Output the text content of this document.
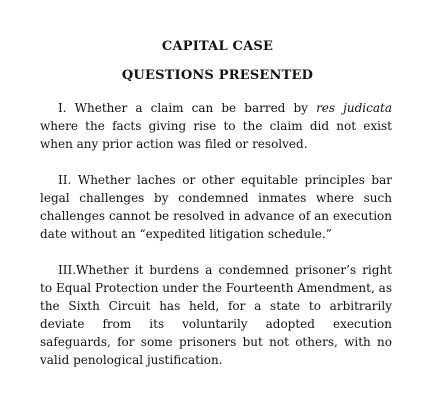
CAPITAL CASE
QUESTIONS PRESENTED

I. Whether a claim can be barred by res judicata where the facts giving rise to the claim did not exist when any prior action was filed or resolved.

II. Whether laches or other equitable principles bar legal challenges by condemned inmates where such challenges cannot be resolved in advance of an execution date without an “expedited litigation schedule.”

III.Whether it burdens a condemned prisoner’s right to Equal Protection under the Fourteenth Amendment, as the Sixth Circuit has held, for a state to arbitrarily deviate from its voluntarily adopted execution safeguards, for some prisoners but not others, with no valid penological justification.
